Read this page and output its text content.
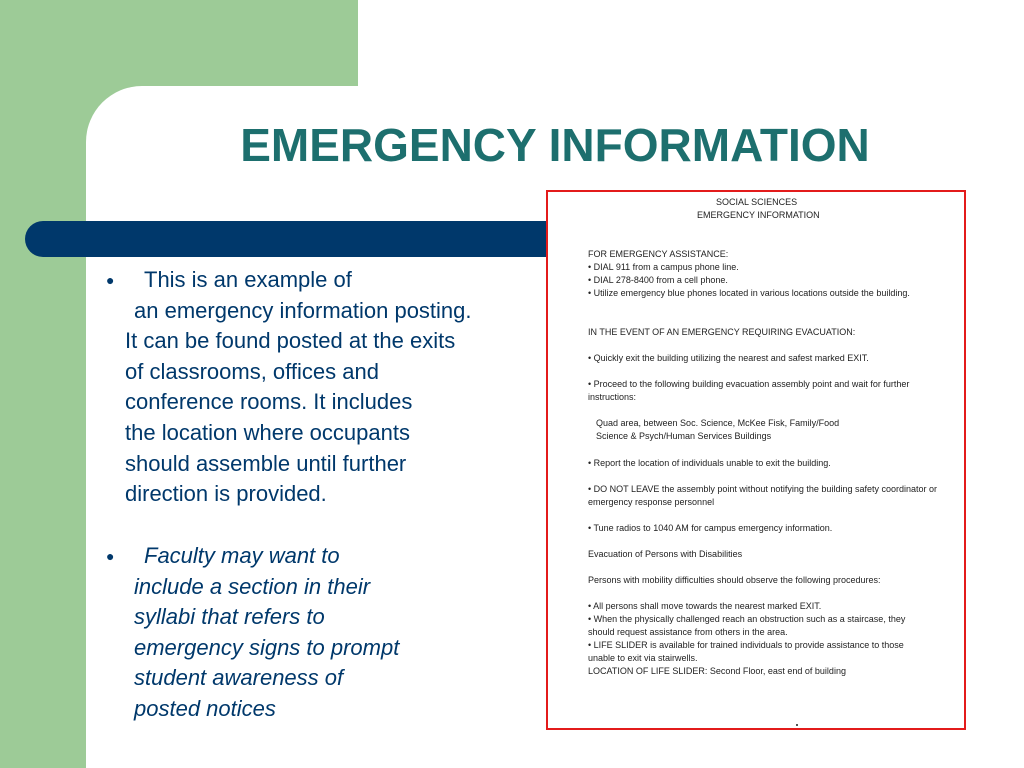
EMERGENCY INFORMATION
● This is an example of
an emergency information posting.
It can be found posted at the exits
of classrooms, offices and
conference rooms. It includes
the location where occupants
should assemble until further
direction is provided.
● Faculty may want to
include a section in their
syllabi that refers to
emergency signs to prompt
student awareness of
posted notices
SOCIAL SCIENCES
EMERGENCY INFORMATION
FOR EMERGENCY ASSISTANCE:
• DIAL 911 from a campus phone line.
• DIAL 278-8400 from a cell phone.
• Utilize emergency blue phones located in various locations outside the building.
IN THE EVENT OF AN EMERGENCY REQUIRING EVACUATION:
• Quickly exit the building utilizing the nearest and safest marked EXIT.
• Proceed to the following building evacuation assembly point and wait for further
instructions:
Quad area, between Soc. Science, McKee Fisk, Family/Food
Science & Psych/Human Services Buildings
• Report the location of individuals unable to exit the building.
• DO NOT LEAVE the assembly point without notifying the building safety coordinator or
emergency response personnel
• Tune radios to 1040 AM for campus emergency information.
Evacuation of Persons with Disabilities
Persons with mobility difficulties should observe the following procedures:
• All persons shall move towards the nearest marked EXIT.
• When the physically challenged reach an obstruction such as a staircase, they
should request assistance from others in the area.
• LIFE SLIDER is available for trained individuals to provide assistance to those
unable to exit via stairwells.
LOCATION OF LIFE SLIDER: Second Floor, east end of building
